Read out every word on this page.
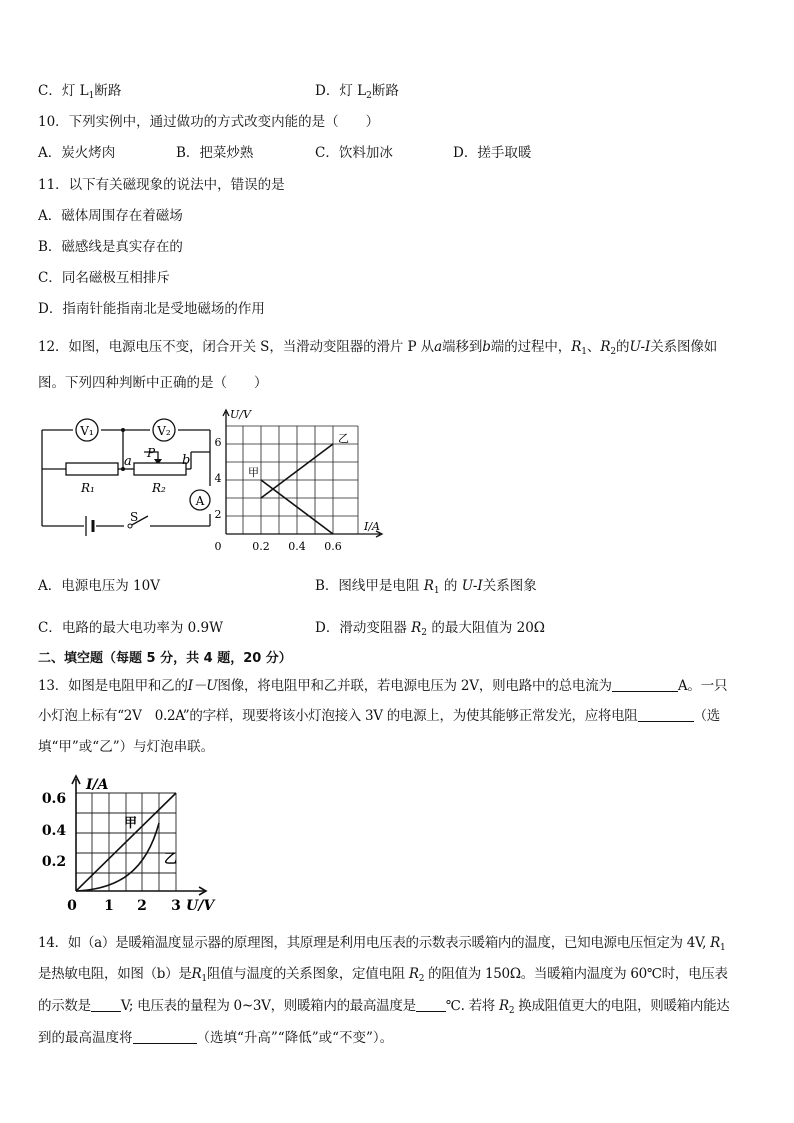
C．灯 $L_1$断路	D．灯 $L_2$断路
10．下列实例中，通过做功的方式改变内能的是（　　）
A．炭火烤肉	B．把菜炒熟	C．饮料加冰	D．搓手取暖
11．以下有关磁现象的说法中，错误的是
A．磁体周围存在着磁场
B．磁感线是真实存在的
C．同名磁极互相排斥
D．指南针能指南北是受地磁场的作用
12．如图，电源电压不变，闭合开关 S，当滑动变阻器的滑片 P 从a端移到b端的过程中，$R_1$、$R_2$的U-I关系图像如
图。下列四种判断中正确的是（　　）
V₁	V₂
A
a
P b
R₁	R₂
S
U/V
I/A
6
4
2
0	0.2 0.4 0.6
甲
乙
A．电源电压为 10V	B．图线甲是电阻 $R_1$ 的 U-I关系图象
C．电路的最大电功率为 0.9W	D．滑动变阻器 $R_2$ 的最大阻值为 20Ω
二、填空题（每题 5 分，共 4 题，20 分）
13．如图是电阻甲和乙的I－U图像，将电阻甲和乙并联，若电源电压为 2V，则电路中的总电流为	A。一只
小灯泡上标有“2V　0.2A”的字样，现要将该小灯泡接入 3V 的电源上，为使其能够正常发光，应将电阻	（选
填“甲”或“乙”）与灯泡串联。
I/A
U/V
0.6
0.4
0.2
0 1 2 3
甲
乙
14．如（a）是暖箱温度显示器的原理图，其原理是利用电压表的示数表示暖箱内的温度，已知电源电压恒定为 4V, $R_1$
是热敏电阻，如图（b）是$R_1$阻值与温度的关系图象，定值电阻 $R_2$ 的阻值为 150Ω。当暖箱内温度为 60℃时，电压表
的示数是 V; 电压表的量程为 0~3V，则暖箱内的最高温度是 ℃. 若将 $R_2$ 换成阻值更大的电阻，则暖箱内能达
到的最高温度将	（选填“升高”“降低”或“不变”）。
